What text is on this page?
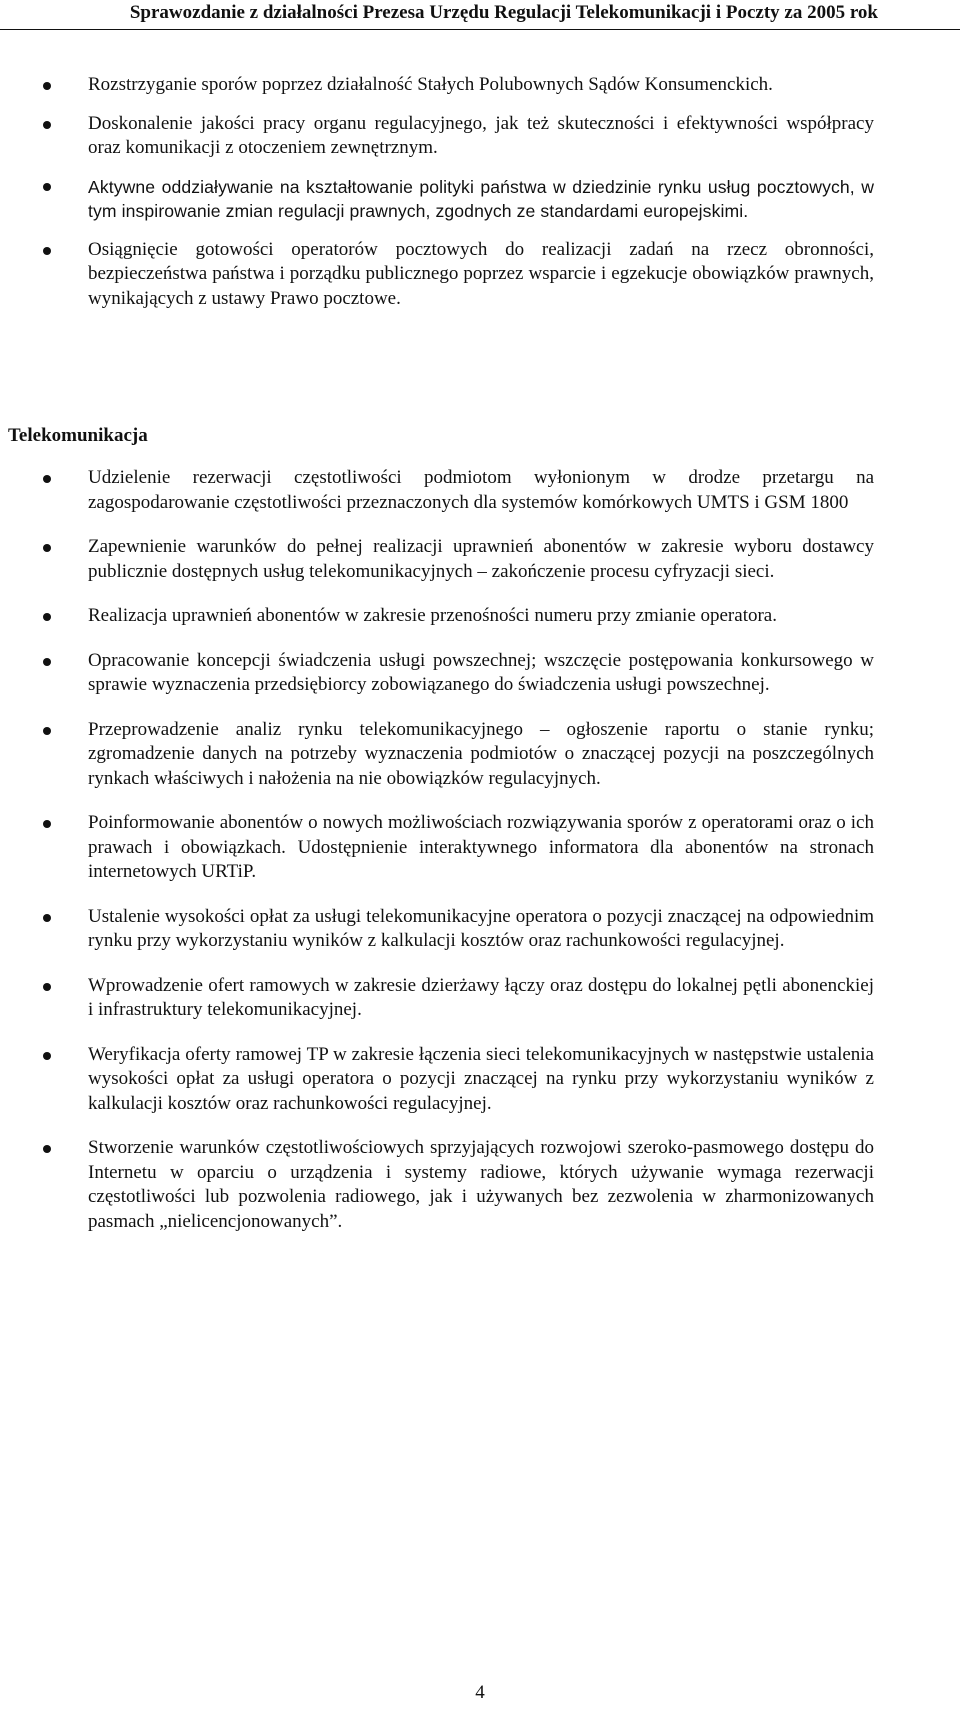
Sprawozdanie z działalności Prezesa Urzędu Regulacji Telekomunikacji i Poczty za 2005 rok
Rozstrzyganie sporów poprzez działalność Stałych Polubownych Sądów Konsumenckich.
Doskonalenie jakości pracy organu regulacyjnego, jak też skuteczności i efektywności współpracy oraz komunikacji z otoczeniem zewnętrznym.
Aktywne oddziaływanie na kształtowanie polityki państwa w dziedzinie rynku usług pocztowych, w tym inspirowanie zmian regulacji prawnych, zgodnych ze standardami europejskimi.
Osiągnięcie gotowości operatorów pocztowych do realizacji zadań na rzecz obronności, bezpieczeństwa państwa i porządku publicznego poprzez wsparcie i egzekucje obowiązków prawnych, wynikających z ustawy Prawo pocztowe.
Telekomunikacja
Udzielenie rezerwacji częstotliwości podmiotom wyłonionym w drodze przetargu na zagospodarowanie częstotliwości przeznaczonych dla systemów komórkowych UMTS i GSM 1800
Zapewnienie warunków do pełnej realizacji uprawnień abonentów w zakresie wyboru dostawcy publicznie dostępnych usług telekomunikacyjnych – zakończenie procesu cyfryzacji sieci.
Realizacja uprawnień abonentów w zakresie przenośności numeru przy zmianie operatora.
Opracowanie koncepcji świadczenia usługi powszechnej; wszczęcie postępowania konkursowego w sprawie wyznaczenia przedsiębiorcy zobowiązanego do świadczenia usługi powszechnej.
Przeprowadzenie analiz rynku telekomunikacyjnego – ogłoszenie raportu o stanie rynku; zgromadzenie danych na potrzeby wyznaczenia podmiotów o znaczącej pozycji na poszczególnych rynkach właściwych i nałożenia na nie obowiązków regulacyjnych.
Poinformowanie abonentów o nowych możliwościach rozwiązywania sporów z operatorami oraz o ich prawach i obowiązkach. Udostępnienie interaktywnego informatora dla abonentów na stronach internetowych URTiP.
Ustalenie wysokości opłat za usługi telekomunikacyjne operatora o pozycji znaczącej na odpowiednim rynku przy wykorzystaniu wyników z kalkulacji kosztów oraz rachunkowości regulacyjnej.
Wprowadzenie ofert ramowych w zakresie dzierżawy łączy oraz dostępu do lokalnej pętli abonenckiej i infrastruktury telekomunikacyjnej.
Weryfikacja oferty ramowej TP w zakresie łączenia sieci telekomunikacyjnych w następstwie ustalenia wysokości opłat za usługi operatora o pozycji znaczącej na rynku przy wykorzystaniu wyników z kalkulacji kosztów oraz rachunkowości regulacyjnej.
Stworzenie warunków częstotliwościowych sprzyjających rozwojowi szeroko-pasmowego dostępu do Internetu w oparciu o urządzenia i systemy radiowe, których używanie wymaga rezerwacji częstotliwości lub pozwolenia radiowego, jak i używanych bez zezwolenia w zharmonizowanych pasmach „nielicencjonowanych”.
4
